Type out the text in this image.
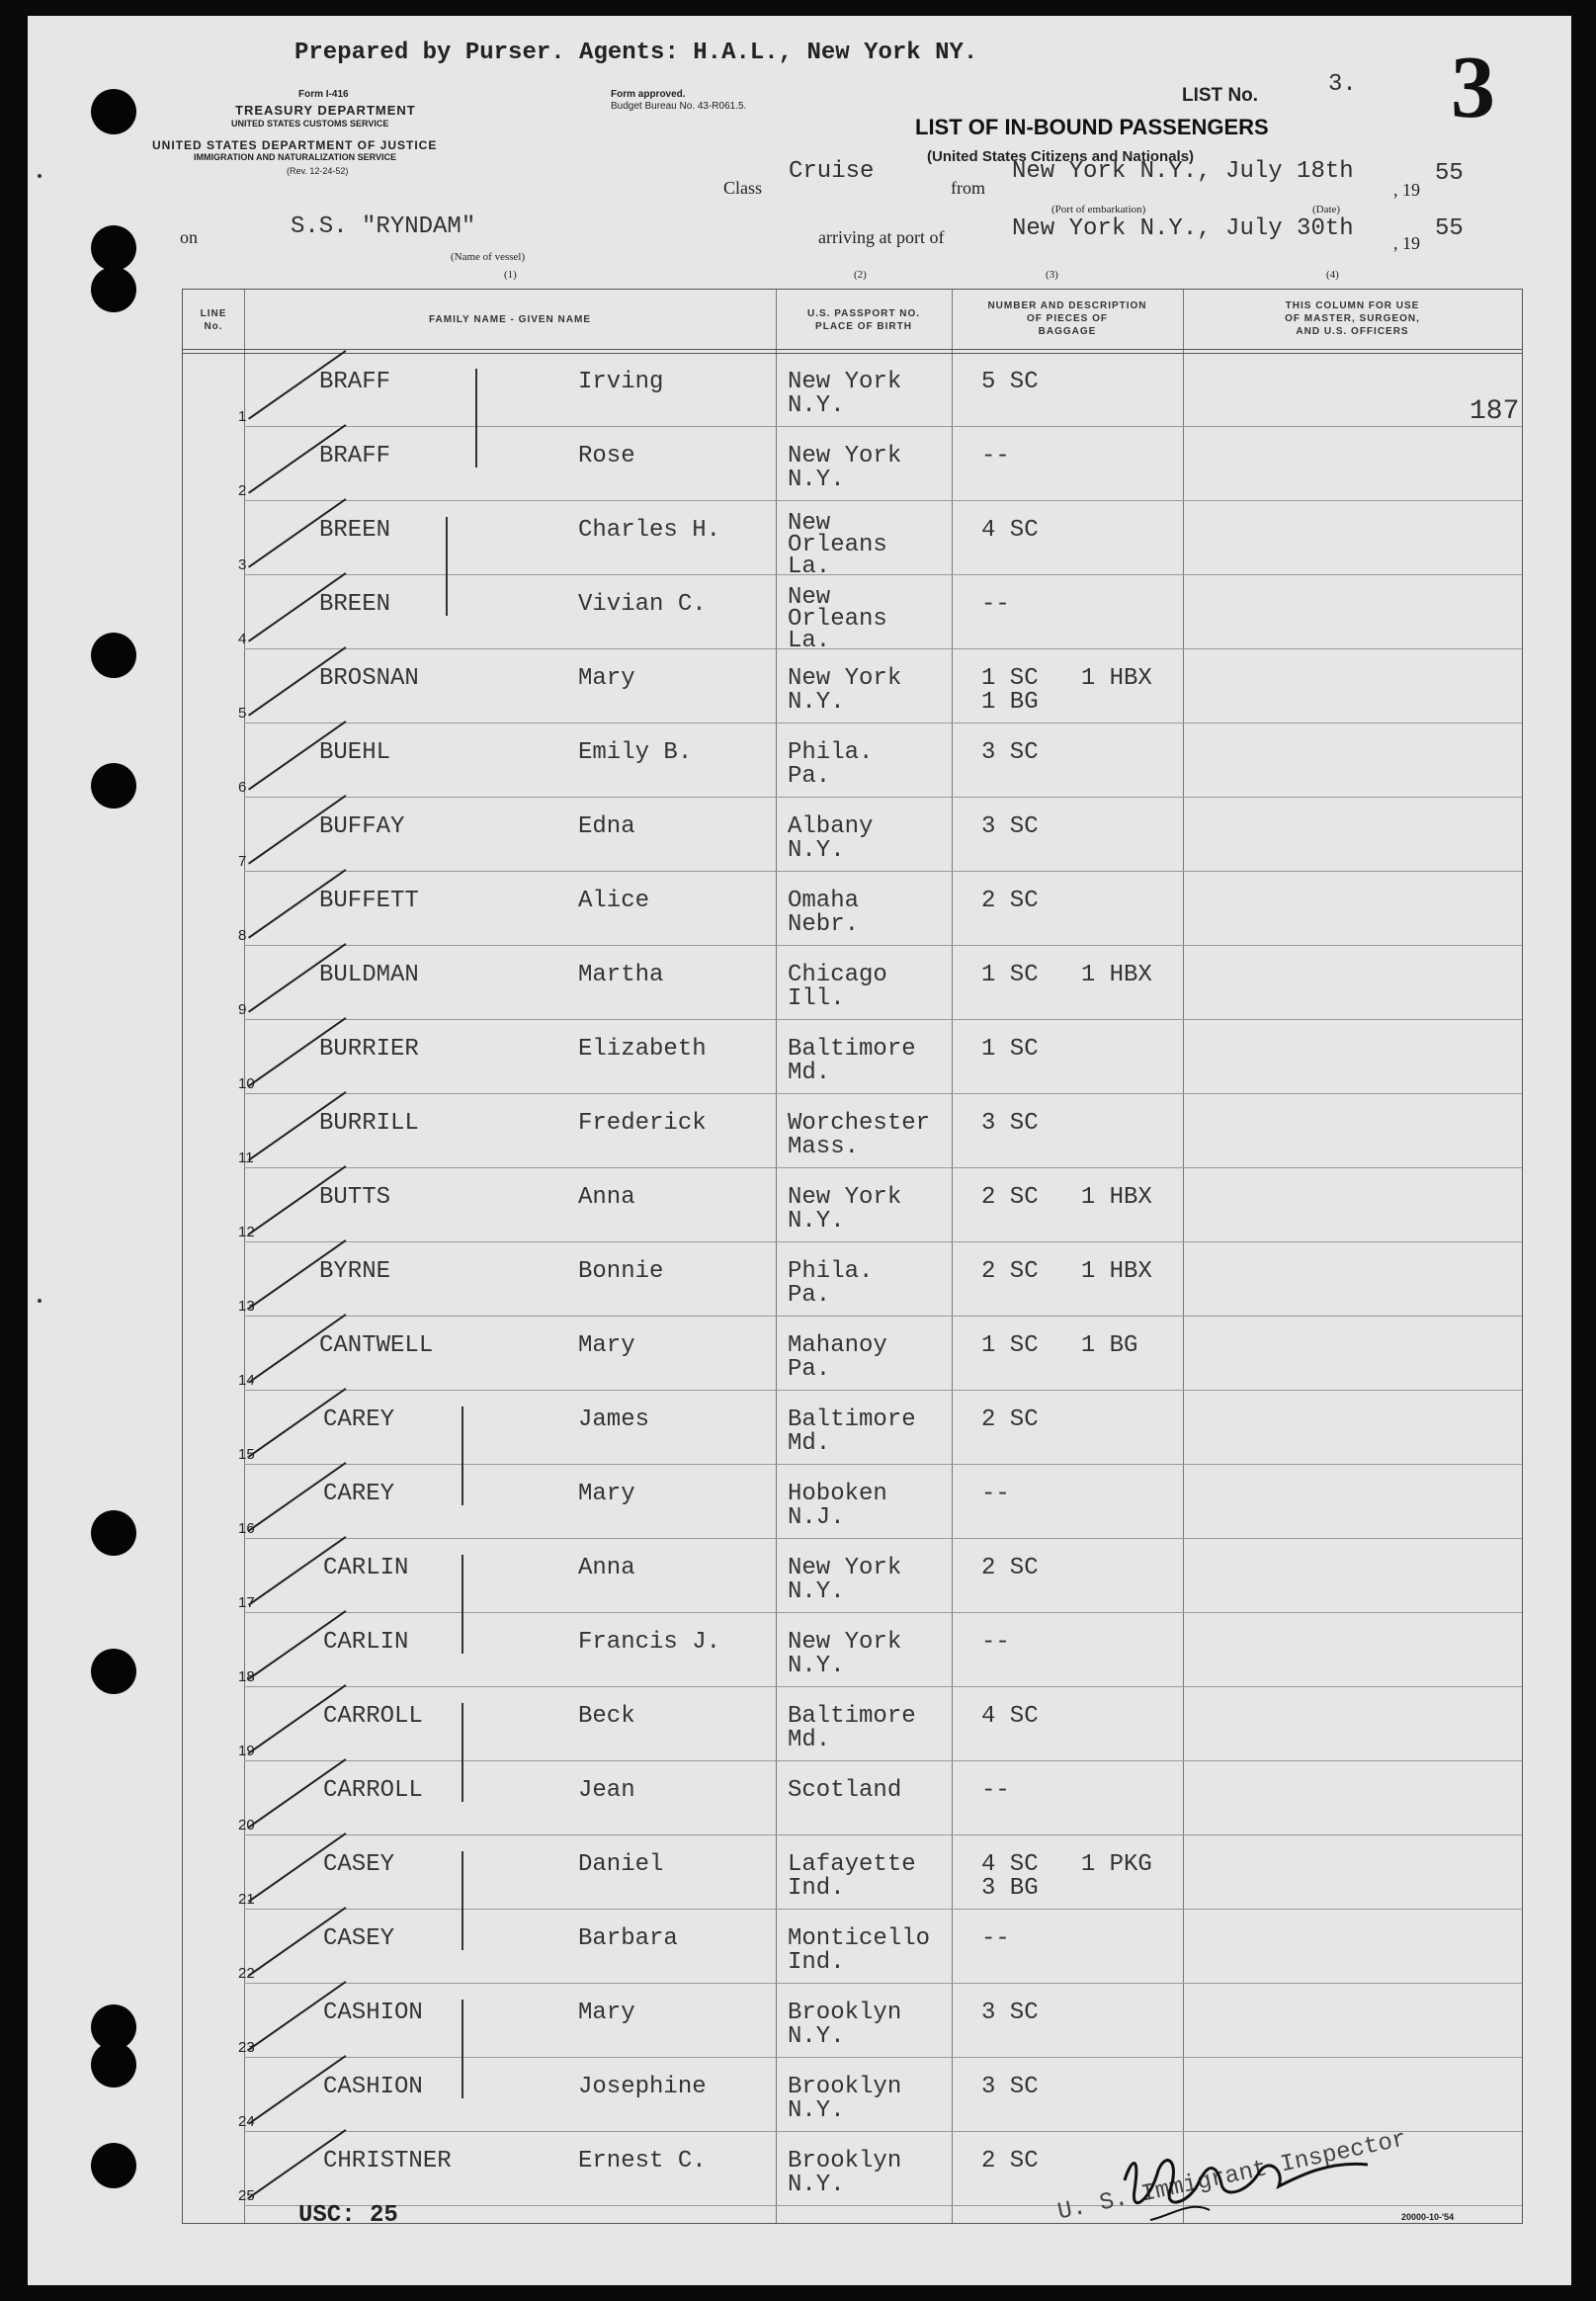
Prepared by Purser. Agents: H.A.L., New York NY.
Form I-416
TREASURY DEPARTMENT
UNITED STATES CUSTOMS SERVICE
UNITED STATES DEPARTMENT OF JUSTICE
IMMIGRATION AND NATURALIZATION SERVICE
(Rev. 12-24-52)
Form approved.
Budget Bureau No. 43-R061.5.
LIST No.	3. 3
LIST OF IN-BOUND PASSENGERS
(United States Citizens and Nationals)
Class
Cruise
from
New York N.Y., July 18th
, 19
55
(Port of embarkation)	(Date)
on	S.S. "RYNDAM"
(Name of vessel)
arriving at port of	New York N.Y., July 30th
, 19
55
(1)	(2)	(3)	(4)
LINE
No.
FAMILY NAME - GIVEN NAME
U.S. PASSPORT NO.
PLACE OF BIRTH
NUMBER AND DESCRIPTION
OF PIECES OF
BAGGAGE
THIS COLUMN FOR USE
OF MASTER, SURGEON,
AND U.S. OFFICERS
187
1
BRAFF	Irving	New York
N.Y.
5 SC
2
BRAFF	Rose	New York
N.Y.
--
3
BREEN	Charles H.	New
Orleans
La.
4 SC
4
BREEN	Vivian C.	New
Orleans
La.
--
5
BROSNAN	Mary	New York
N.Y.
1 SC   1 HBX
1 BG
6
BUEHL	Emily B.	Phila.
Pa.
3 SC
7
BUFFAY	Edna	Albany
N.Y.
3 SC
8
BUFFETT	Alice	Omaha
Nebr.
2 SC
9
BULDMAN	Martha	Chicago
Ill.
1 SC   1 HBX
10
BURRIER	Elizabeth	Baltimore
Md.
1 SC
11
BURRILL	Frederick	Worchester
Mass.
3 SC
12
BUTTS	Anna	New York
N.Y.
2 SC   1 HBX
13
BYRNE	Bonnie	Phila.
Pa.
2 SC   1 HBX
14
CANTWELL	Mary	Mahanoy
Pa.
1 SC   1 BG
15
CAREY	James	Baltimore
Md.
2 SC
16
CAREY	Mary	Hoboken
N.J.
--
17
CARLIN	Anna	New York
N.Y.
2 SC
18
CARLIN	Francis J.	New York
N.Y.
--
19
CARROLL	Beck	Baltimore
Md.
4 SC
20
CARROLL	Jean	Scotland	--
21
CASEY	Daniel	Lafayette
Ind.
4 SC   1 PKG
3 BG
22
CASEY	Barbara	Monticello
Ind.
--
23
CASHION	Mary	Brooklyn
N.Y.
3 SC
24
CASHION	Josephine	Brooklyn
N.Y.
3 SC
25
CHRISTNER	Ernest C.	Brooklyn
N.Y.
2 SC
USC: 25	U. S. Immigrant Inspector
20000-10-'54
